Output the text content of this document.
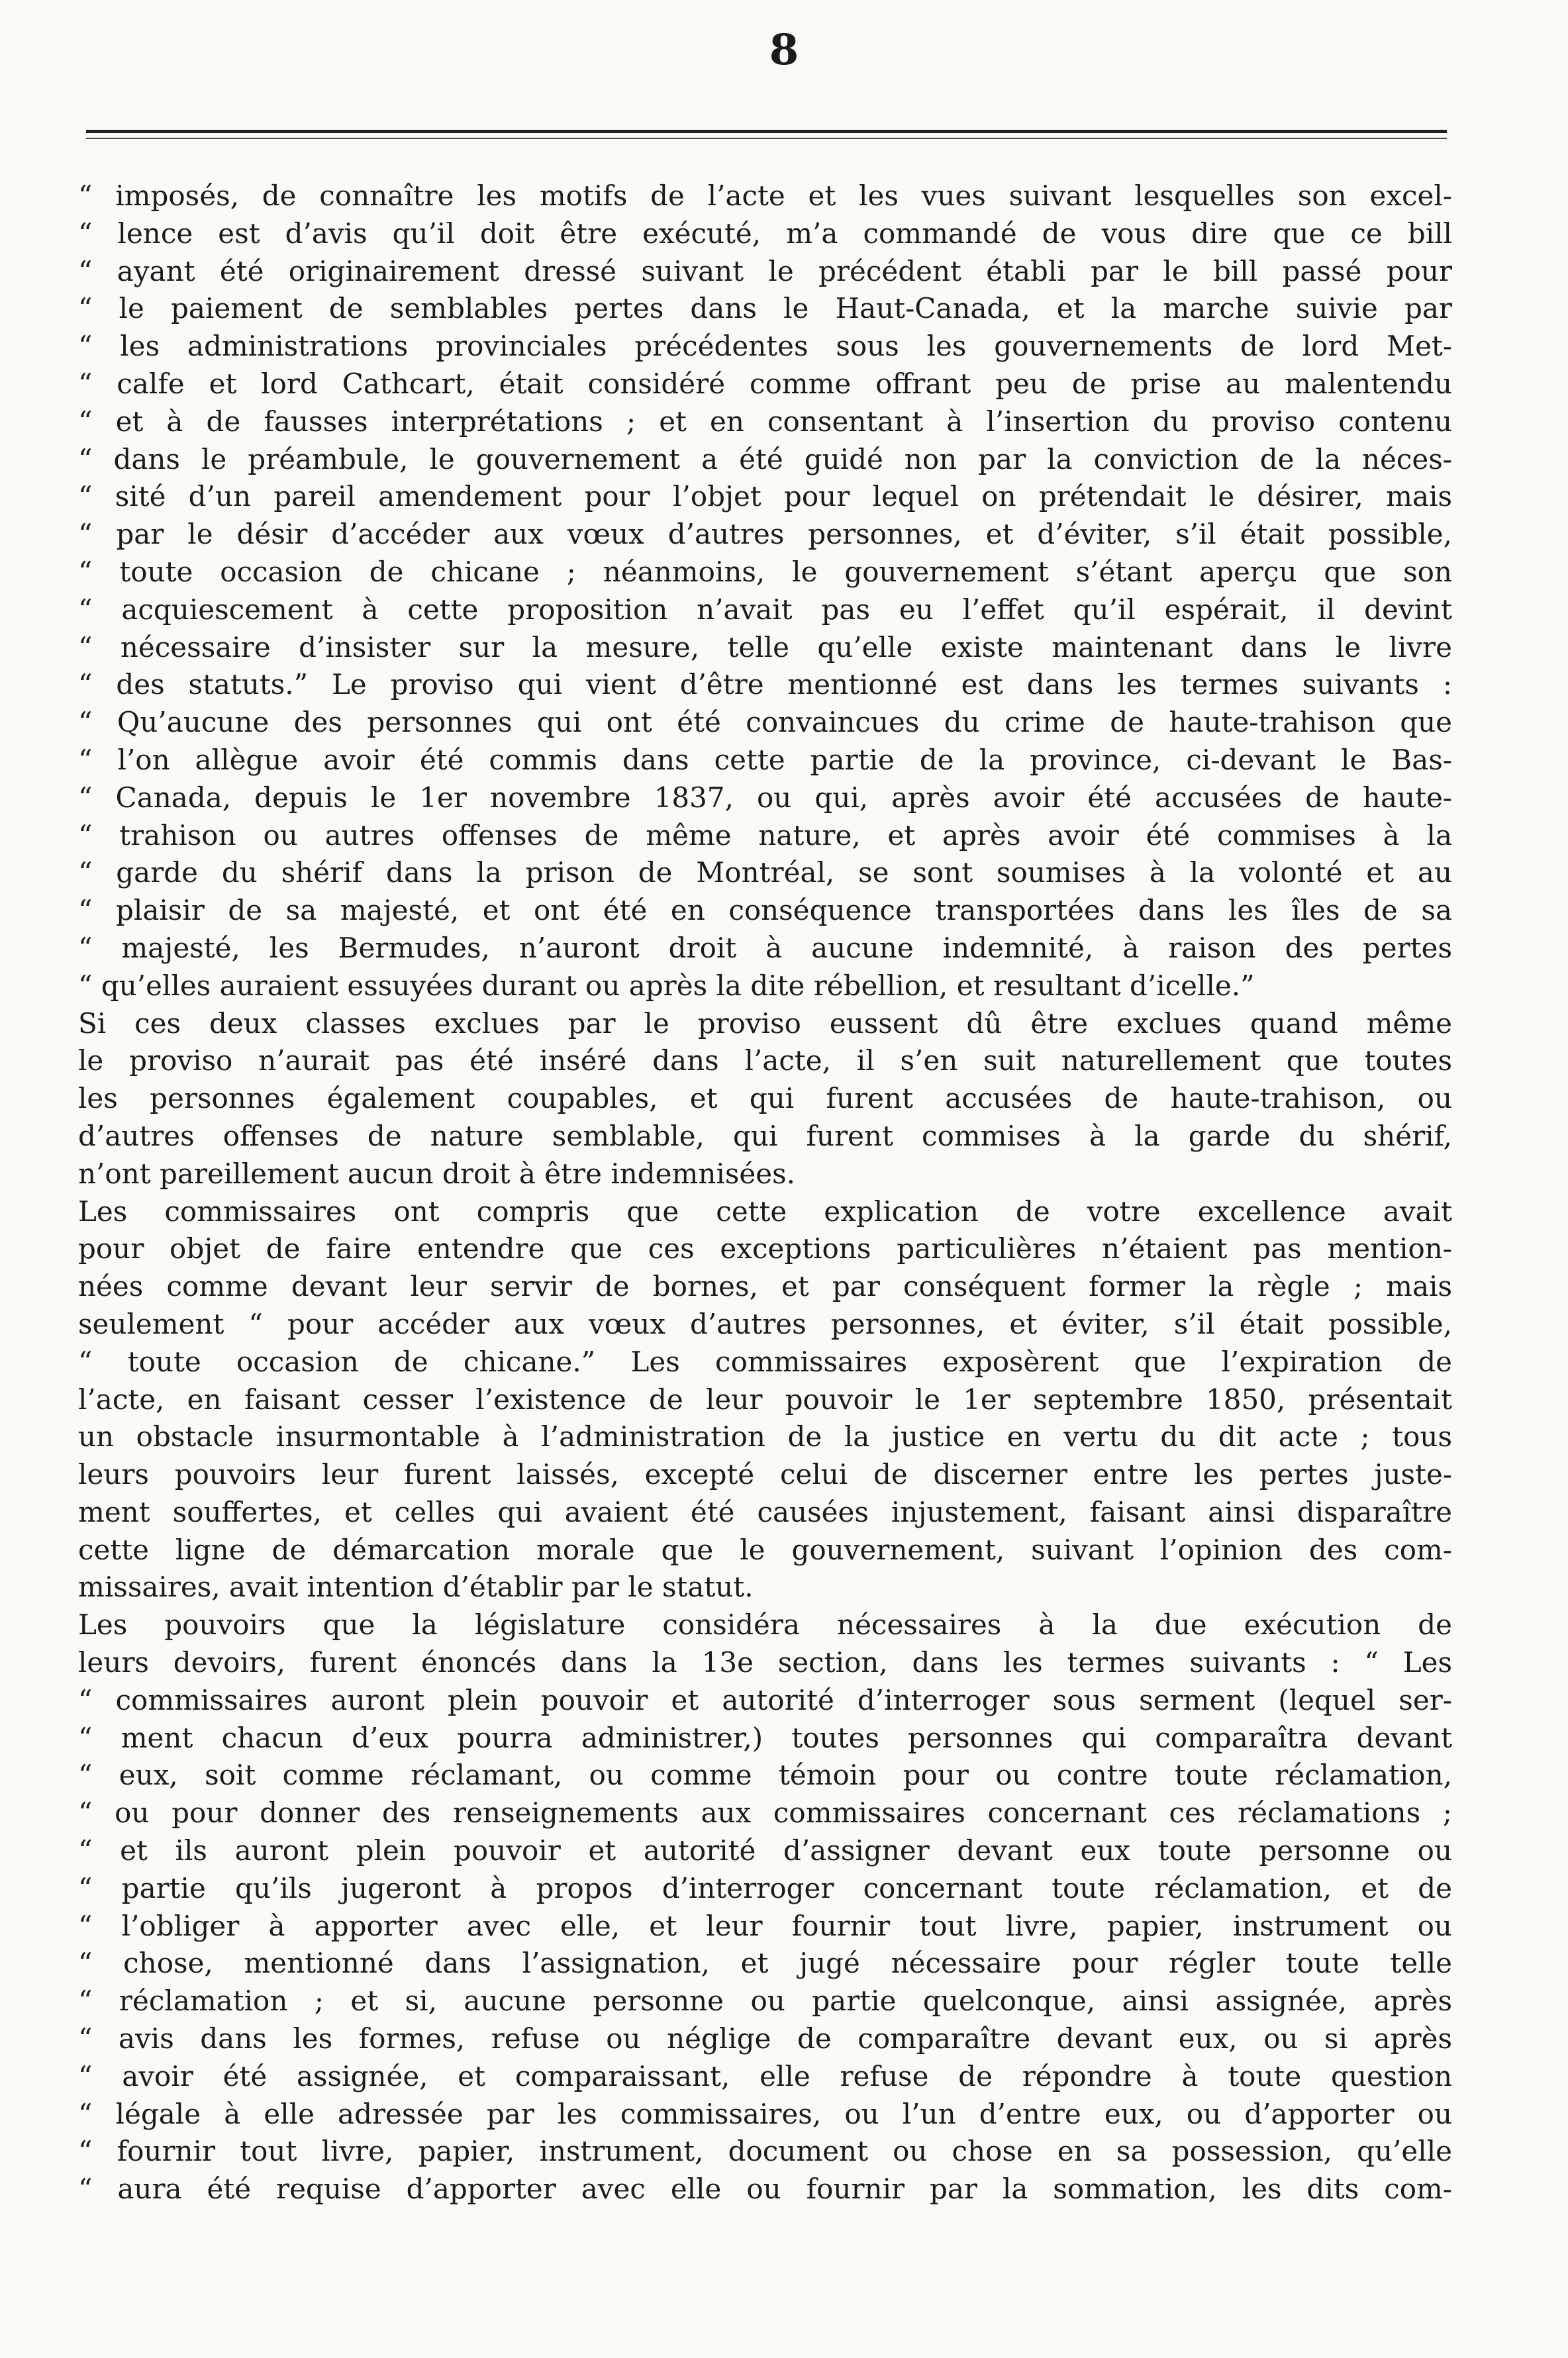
8
“ imposés, de connaître les motifs de l’acte et les vues suivant lesquelles son excel-
“ lence est d’avis qu’il doit être exécuté, m’a commandé de vous dire que ce bill
“ ayant été originairement dressé suivant le précédent établi par le bill passé pour
“ le paiement de semblables pertes dans le Haut-Canada, et la marche suivie par
“ les administrations provinciales précédentes sous les gouvernements de lord Met-
“ calfe et lord Cathcart, était considéré comme offrant peu de prise au malentendu
“ et à de fausses interprétations ; et en consentant à l’insertion du proviso contenu
“ dans le préambule, le gouvernement a été guidé non par la conviction de la néces-
“ sité d’un pareil amendement pour l’objet pour lequel on prétendait le désirer, mais
“ par le désir d’accéder aux vœux d’autres personnes, et d’éviter, s’il était possible,
“ toute occasion de chicane ; néanmoins, le gouvernement s’étant aperçu que son
“ acquiescement à cette proposition n’avait pas eu l’effet qu’il espérait, il devint
“ nécessaire d’insister sur la mesure, telle qu’elle existe maintenant dans le livre
“ des statuts.” Le proviso qui vient d’être mentionné est dans les termes suivants :
“ Qu’aucune des personnes qui ont été convaincues du crime de haute-trahison que
“ l’on allègue avoir été commis dans cette partie de la province, ci-devant le Bas-
“ Canada, depuis le 1er novembre 1837, ou qui, après avoir été accusées de haute-
“ trahison ou autres offenses de même nature, et après avoir été commises à la
“ garde du shérif dans la prison de Montréal, se sont soumises à la volonté et au
“ plaisir de sa majesté, et ont été en conséquence transportées dans les îles de sa
“ majesté, les Bermudes, n’auront droit à aucune indemnité, à raison des pertes
“ qu’elles auraient essuyées durant ou après la dite rébellion, et resultant d’icelle.”
Si ces deux classes exclues par le proviso eussent dû être exclues quand même
le proviso n’aurait pas été inséré dans l’acte, il s’en suit naturellement que toutes
les personnes également coupables, et qui furent accusées de haute-trahison, ou
d’autres offenses de nature semblable, qui furent commises à la garde du shérif,
n’ont pareillement aucun droit à être indemnisées.
Les commissaires ont compris que cette explication de votre excellence avait
pour objet de faire entendre que ces exceptions particulières n’étaient pas mention-
nées comme devant leur servir de bornes, et par conséquent former la règle ; mais
seulement “ pour accéder aux vœux d’autres personnes, et éviter, s’il était possible,
“ toute occasion de chicane.” Les commissaires exposèrent que l’expiration de
l’acte, en faisant cesser l’existence de leur pouvoir le 1er septembre 1850, présentait
un obstacle insurmontable à l’administration de la justice en vertu du dit acte ; tous
leurs pouvoirs leur furent laissés, excepté celui de discerner entre les pertes juste-
ment souffertes, et celles qui avaient été causées injustement, faisant ainsi disparaître
cette ligne de démarcation morale que le gouvernement, suivant l’opinion des com-
missaires, avait intention d’établir par le statut.
Les pouvoirs que la législature considéra nécessaires à la due exécution de
leurs devoirs, furent énoncés dans la 13e section, dans les termes suivants : “ Les
“ commissaires auront plein pouvoir et autorité d’interroger sous serment (lequel ser-
“ ment chacun d’eux pourra administrer,) toutes personnes qui comparaîtra devant
“ eux, soit comme réclamant, ou comme témoin pour ou contre toute réclamation,
“ ou pour donner des renseignements aux commissaires concernant ces réclamations ;
“ et ils auront plein pouvoir et autorité d’assigner devant eux toute personne ou
“ partie qu’ils jugeront à propos d’interroger concernant toute réclamation, et de
“ l’obliger à apporter avec elle, et leur fournir tout livre, papier, instrument ou
“ chose, mentionné dans l’assignation, et jugé nécessaire pour régler toute telle
“ réclamation ; et si, aucune personne ou partie quelconque, ainsi assignée, après
“ avis dans les formes, refuse ou néglige de comparaître devant eux, ou si après
“ avoir été assignée, et comparaissant, elle refuse de répondre à toute question
“ légale à elle adressée par les commissaires, ou l’un d’entre eux, ou d’apporter ou
“ fournir tout livre, papier, instrument, document ou chose en sa possession, qu’elle
“ aura été requise d’apporter avec elle ou fournir par la sommation, les dits com-
